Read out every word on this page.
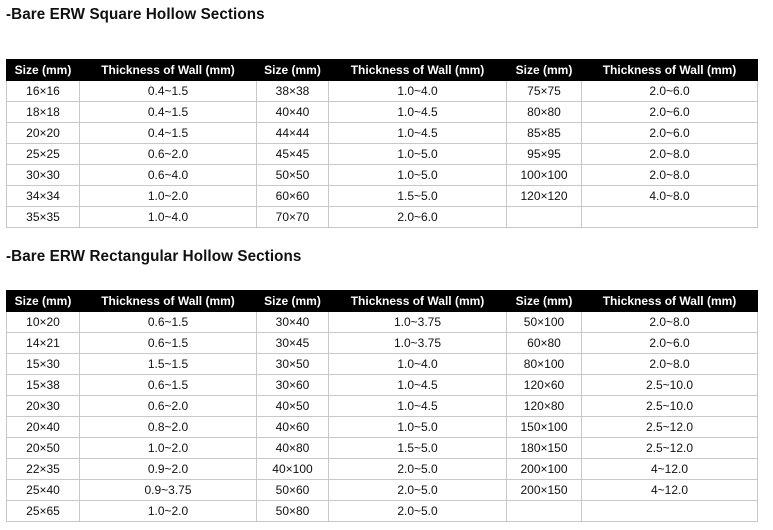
-Bare ERW Square Hollow Sections
Size (mm)	Thickness of Wall (mm)	Size (mm)	Thickness of Wall (mm)	Size (mm)	Thickness of Wall (mm)
16×16	0.4~1.5	38×38	1.0~4.0	75×75	2.0~6.0
18×18	0.4~1.5	40×40	1.0~4.5	80×80	2.0~6.0
20×20	0.4~1.5	44×44	1.0~4.5	85×85	2.0~6.0
25×25	0.6~2.0	45×45	1.0~5.0	95×95	2.0~8.0
30×30	0.6~4.0	50×50	1.0~5.0	100×100	2.0~8.0
34×34	1.0~2.0	60×60	1.5~5.0	120×120	4.0~8.0
35×35	1.0~4.0	70×70	2.0~6.0		
-Bare ERW Rectangular Hollow Sections
Size (mm)	Thickness of Wall (mm)	Size (mm)	Thickness of Wall (mm)	Size (mm)	Thickness of Wall (mm)
10×20	0.6~1.5	30×40	1.0~3.75	50×100	2.0~8.0
14×21	0.6~1.5	30×45	1.0~3.75	60×80	2.0~6.0
15×30	1.5~1.5	30×50	1.0~4.0	80×100	2.0~8.0
15×38	0.6~1.5	30×60	1.0~4.5	120×60	2.5~10.0
20×30	0.6~2.0	40×50	1.0~4.5	120×80	2.5~10.0
20×40	0.8~2.0	40×60	1.0~5.0	150×100	2.5~12.0
20×50	1.0~2.0	40×80	1.5~5.0	180×150	2.5~12.0
22×35	0.9~2.0	40×100	2.0~5.0	200×100	4~12.0
25×40	0.9~3.75	50×60	2.0~5.0	200×150	4~12.0
25×65	1.0~2.0	50×80	2.0~5.0		
